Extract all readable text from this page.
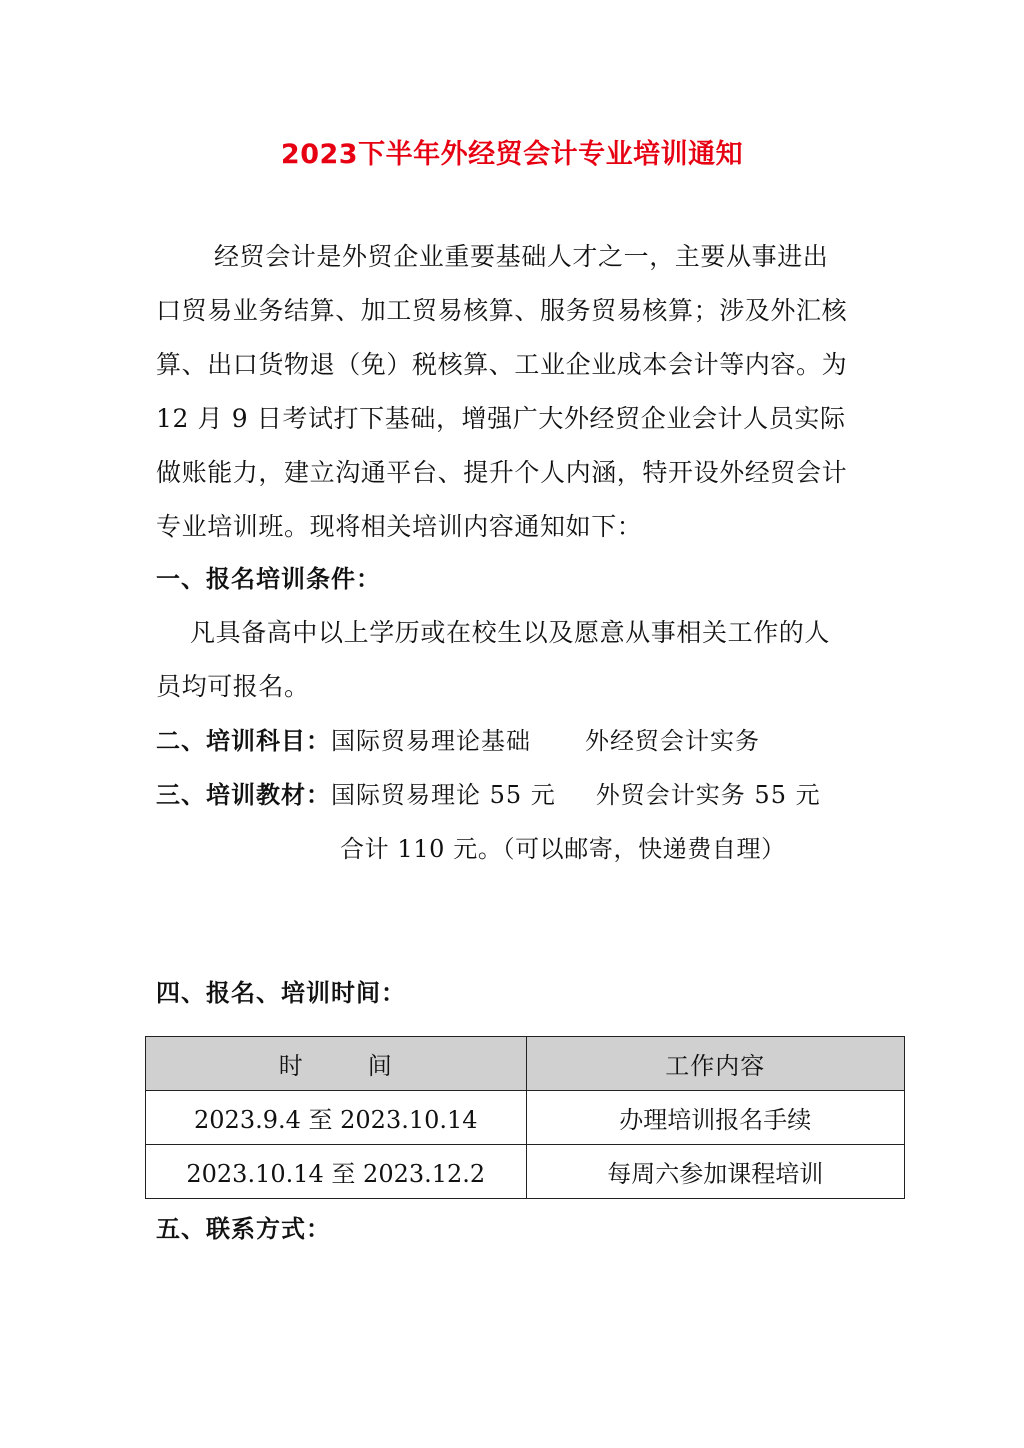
2023下半年外经贸会计专业培训通知
经贸会计是外贸企业重要基础人才之一，主要从事进出
口贸易业务结算、加工贸易核算、服务贸易核算；涉及外汇核
算、出口货物退（免）税核算、工业企业成本会计等内容。为
12 月 9 日考试打下基础，增强广大外经贸企业会计人员实际
做账能力，建立沟通平台、提升个人内涵，特开设外经贸会计
专业培训班。现将相关培训内容通知如下：
一、报名培训条件：
凡具备高中以上学历或在校生以及愿意从事相关工作的人
员均可报名。
二、培训科目：国际贸易理论基础 外经贸会计实务
三、培训教材：国际贸易理论 55 元 外贸会计实务 55 元
合计 110 元。（可以邮寄，快递费自理）
四、报名、培训时间：
时 间	工作内容
2023.9.4 至 2023.10.14	办理培训报名手续
2023.10.14 至 2023.12.2	每周六参加课程培训
五、联系方式：
